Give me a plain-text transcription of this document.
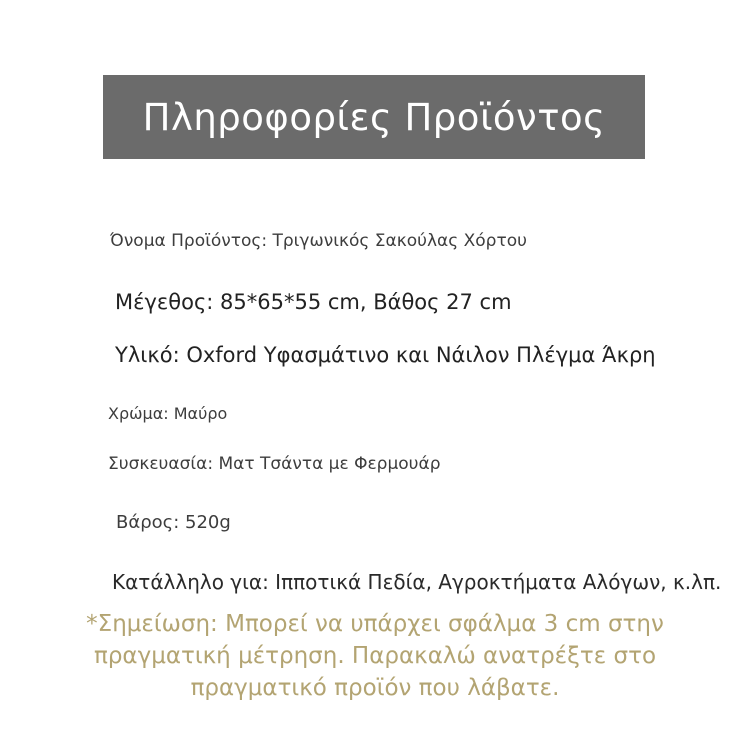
Πληροφορίες Προϊόντος
Όνομα Προϊόντος: Τριγωνικός Σακούλας Χόρτου
Μέγεθος: 85*65*55 cm, Βάθος 27 cm
Υλικό: Oxford Υφασμάτινο και Νάιλον Πλέγμα Άκρη
Χρώμα: Μαύρο
Συσκευασία: Ματ Τσάντα με Φερμουάρ
Βάρος: 520g
Κατάλληλο για: Ιπποτικά Πεδία, Αγροκτήματα Αλόγων, κ.λπ.
*Σημείωση: Μπορεί να υπάρχει σφάλμα 3 cm στην
πραγματική μέτρηση. Παρακαλώ ανατρέξτε στο
πραγματικό προϊόν που λάβατε.
